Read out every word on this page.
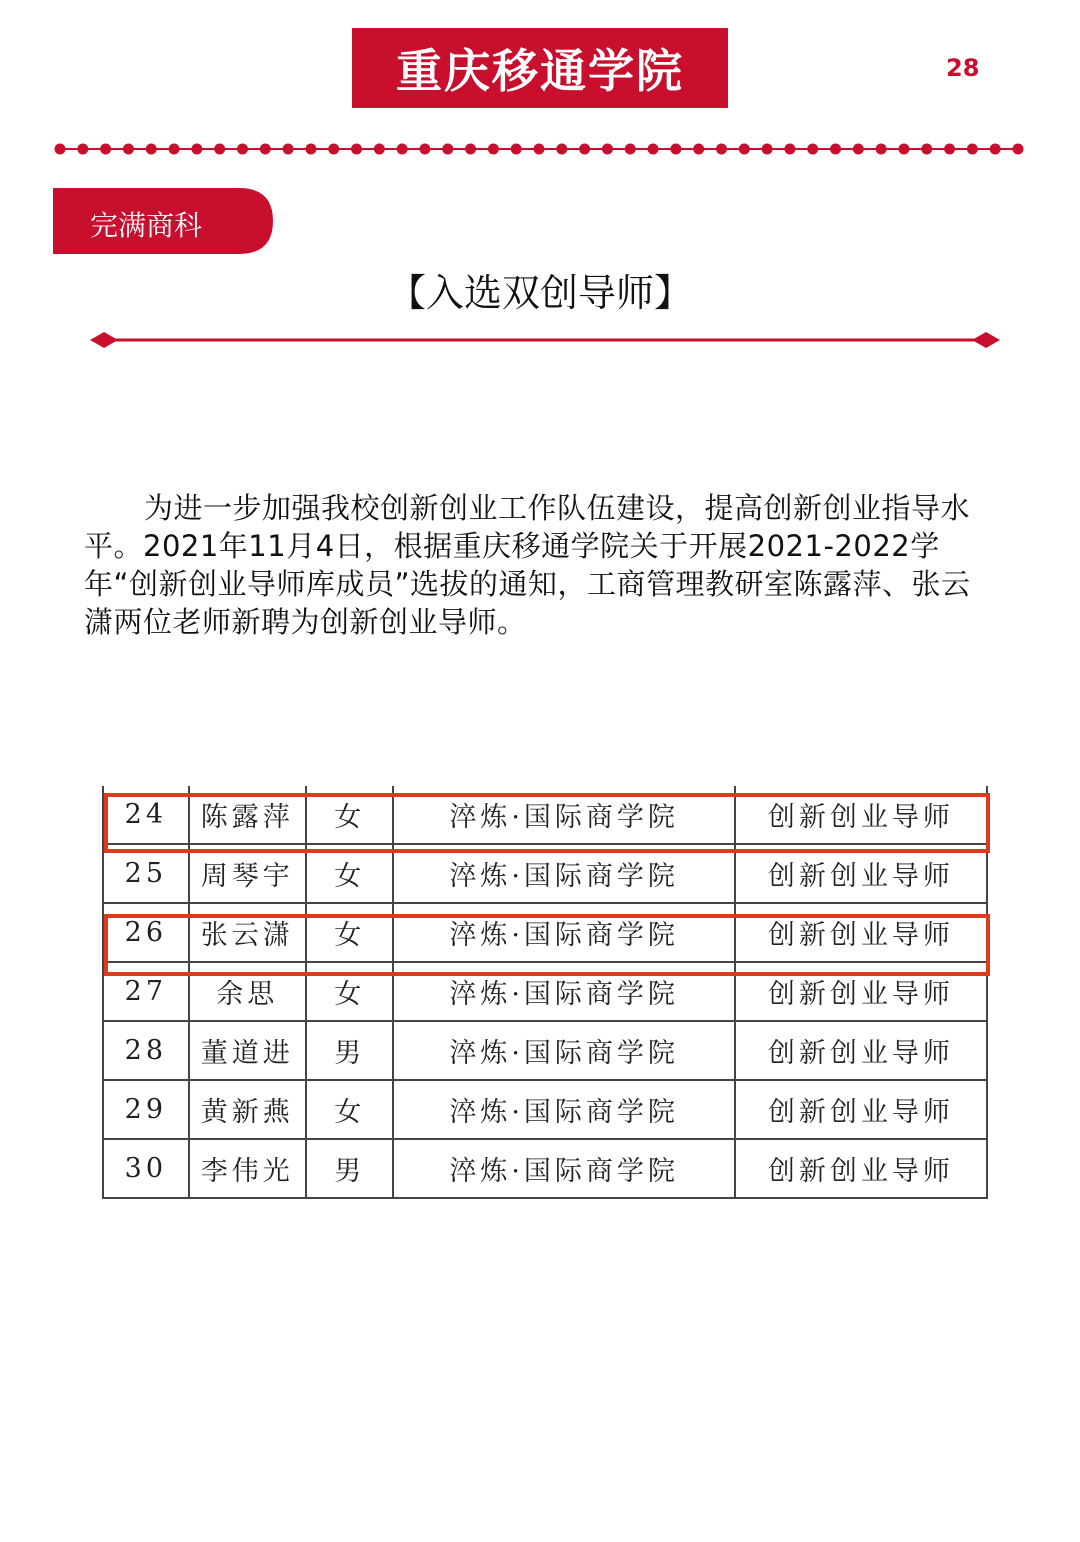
重庆移通学院	28
完满商科
【入选双创导师】

为进一步加强我校创新创业工作队伍建设，提高创新创业指导水平。2021年11月4日，根据重庆移通学院关于开展2021-2022学年“创新创业导师库成员”选拔的通知，工商管理教研室陈露萍、张云潇两位老师新聘为创新创业导师。

24	陈露萍	女	淬炼·国际商学院	创新创业导师
25	周琴宇	女	淬炼·国际商学院	创新创业导师
26	张云潇	女	淬炼·国际商学院	创新创业导师
27	余思	女	淬炼·国际商学院	创新创业导师
28	董道进	男	淬炼·国际商学院	创新创业导师
29	黄新燕	女	淬炼·国际商学院	创新创业导师
30	李伟光	男	淬炼·国际商学院	创新创业导师
